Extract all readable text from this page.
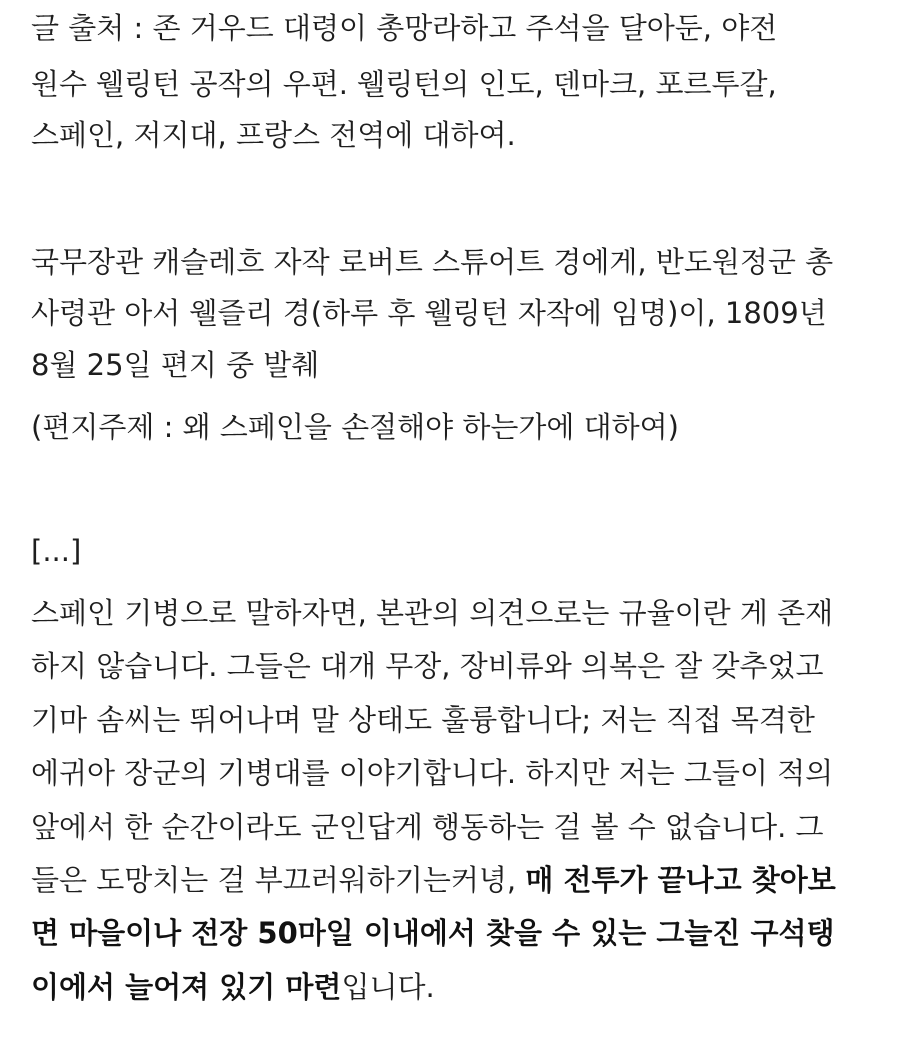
글 출처 : 존 거우드 대령이 총망라하고 주석을 달아둔, 야전
원수 웰링턴 공작의 우편. 웰링턴의 인도, 덴마크, 포르투갈,
스페인, 저지대, 프랑스 전역에 대하여.
국무장관 캐슬레흐 자작 로버트 스튜어트 경에게, 반도원정군 총
사령관 아서 웰즐리 경(하루 후 웰링턴 자작에 임명)이, 1809년
8월 25일 편지 중 발췌
(편지주제 : 왜 스페인을 손절해야 하는가에 대하여)
[...]
스페인 기병으로 말하자면, 본관의 의견으로는 규율이란 게 존재
하지 않습니다. 그들은 대개 무장, 장비류와 의복은 잘 갖추었고
기마 솜씨는 뛰어나며 말 상태도 훌륭합니다; 저는 직접 목격한
에귀아 장군의 기병대를 이야기합니다. 하지만 저는 그들이 적의
앞에서 한 순간이라도 군인답게 행동하는 걸 볼 수 없습니다. 그
들은 도망치는 걸 부끄러워하기는커녕, 매 전투가 끝나고 찾아보
면 마을이나 전장 50마일 이내에서 찾을 수 있는 그늘진 구석탱
이에서 늘어져 있기 마련입니다.
